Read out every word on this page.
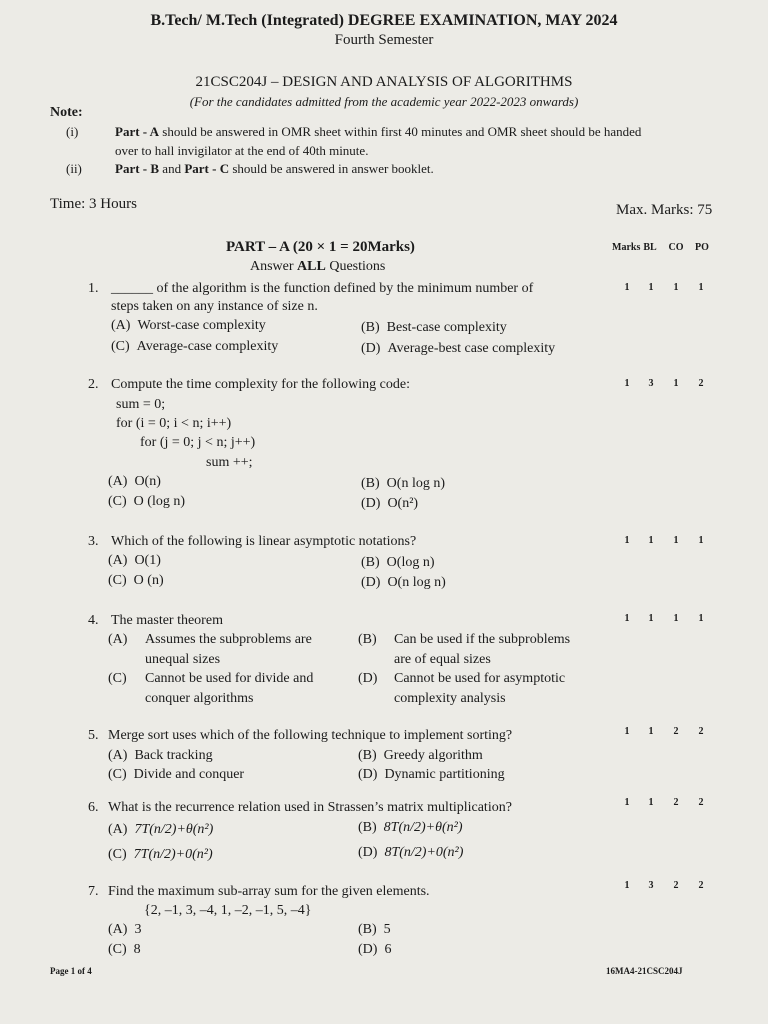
B.Tech/ M.Tech (Integrated) DEGREE EXAMINATION, MAY 2024
Fourth Semester
21CSC204J – DESIGN AND ANALYSIS OF ALGORITHMS
(For the candidates admitted from the academic year 2022-2023 onwards)
Note:
(i)	Part - A should be answered in OMR sheet within first 40 minutes and OMR sheet should be handed
over to hall invigilator at the end of 40th minute.
(ii)	Part - B and Part - C should be answered in answer booklet.
Time: 3 Hours	Max. Marks: 75
PART – A (20 × 1 = 20Marks)
Answer ALL Questions
Marks BL	CO	PO
1. ______ of the algorithm is the function defined by the minimum number of
steps taken on any instance of size n.
1	1	1	1
(A)  Worst-case complexity	(B)  Best-case complexity
(C)  Average-case complexity	(D)  Average-best case complexity
2. Compute the time complexity for the following code:	1	3	1	2
sum = 0;
for (i = 0; i < n; i++)
for (j = 0; j < n; j++)
sum ++;
(A)  O(n)	(B)  O(n log n)
(C)  O (log n)	(D)  O(n²)
3. Which of the following is linear asymptotic notations?	1	1	1	1
(A)  O(1)	(B)  O(log n)
(C)  O (n)	(D)  O(n log n)
4. The master theorem	1	1	1	1
(A) Assumes the subproblems are
unequal sizes
(B) Can be used if the subproblems
are of equal sizes
(C) Cannot be used for divide and
conquer algorithms
(D) Cannot be used for asymptotic
complexity analysis
5. Merge sort uses which of the following technique to implement sorting?	1	1	2	2
(A)  Back tracking	(B)  Greedy algorithm
(C)  Divide and conquer	(D)  Dynamic partitioning
6. What is the recurrence relation used in Strassen’s matrix multiplication?	1	1	2	2
(A)  7T(n/2)+θ(n²)	(B)  8T(n/2)+θ(n²)
(C)  7T(n/2)+0(n²)	(D)  8T(n/2)+0(n²)
7. Find the maximum sub-array sum for the given elements.
{2, –1, 3, –4, 1, –2, –1, 5, –4}
1	3	2	2
(A)  3	(B)  5
(C)  8	(D)  6
Page 1 of 4	16MA4-21CSC204J
